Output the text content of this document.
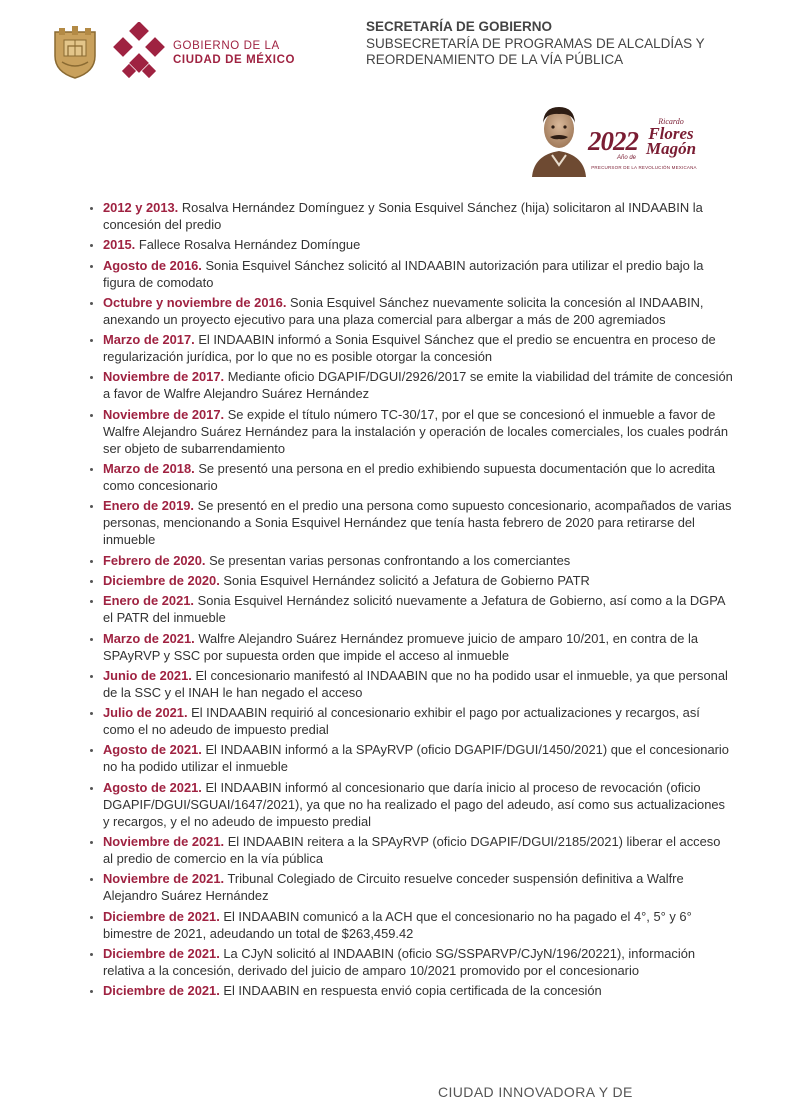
GOBIERNO DE LA
CIUDAD DE MÉXICO
SECRETARÍA DE GOBIERNO
SUBSECRETARÍA DE PROGRAMAS DE ALCALDÍAS Y REORDENAMIENTO DE LA VÍA PÚBLICA
2022
Año de
Ricardo
Flores
Magón
PRECURSOR DE LA REVOLUCIÓN MEXICANA
• 2012 y 2013. Rosalva Hernández Domínguez y Sonia Esquivel Sánchez (hija) solicitaron al INDAABIN la concesión del predio
• 2015. Fallece Rosalva Hernández Domíngue
• Agosto de 2016. Sonia Esquivel Sánchez solicitó al INDAABIN autorización para utilizar el predio bajo la figura de comodato
• Octubre y noviembre de 2016. Sonia Esquivel Sánchez nuevamente solicita la concesión al INDAABIN, anexando un proyecto ejecutivo para una plaza comercial para albergar a más de 200 agremiados
• Marzo de 2017. El INDAABIN informó a Sonia Esquivel Sánchez que el predio se encuentra en proceso de regularización jurídica, por lo que no es posible otorgar la concesión
• Noviembre de 2017. Mediante oficio DGAPIF/DGUI/2926/2017 se emite la viabilidad del trámite de concesión a favor de Walfre Alejandro Suárez Hernández
• Noviembre de 2017. Se expide el título número TC-30/17, por el que se concesionó el inmueble a favor de Walfre Alejandro Suárez Hernández para la instalación y operación de locales comerciales, los cuales podrán ser objeto de subarrendamiento
• Marzo de 2018. Se presentó una persona en el predio exhibiendo supuesta documentación que lo acredita como concesionario
• Enero de 2019. Se presentó en el predio una persona como supuesto concesionario, acompañados de varias personas, mencionando a Sonia Esquivel Hernández que tenía hasta febrero de 2020 para retirarse del inmueble
• Febrero de 2020. Se presentan varias personas confrontando a los comerciantes
• Diciembre de 2020. Sonia Esquivel Hernández solicitó a Jefatura de Gobierno PATR
• Enero de 2021. Sonia Esquivel Hernández solicitó nuevamente a Jefatura de Gobierno, así como a la DGPA el PATR del inmueble
• Marzo de 2021. Walfre Alejandro Suárez Hernández promueve juicio de amparo 10/201, en contra de la SPAyRVP y SSC por supuesta orden que impide el acceso al inmueble
• Junio de 2021. El concesionario manifestó al INDAABIN que no ha podido usar el inmueble, ya que personal de la SSC y el INAH le han negado el acceso
• Julio de 2021. El INDAABIN requirió al concesionario exhibir el pago por actualizaciones y recargos, así como el no adeudo de impuesto predial
• Agosto de 2021. El INDAABIN informó a la SPAyRVP (oficio DGAPIF/DGUI/1450/2021) que el concesionario no ha podido utilizar el inmueble
• Agosto de 2021. El INDAABIN informó al concesionario que daría inicio al proceso de revocación (oficio DGAPIF/DGUI/SGUAI/1647/2021), ya que no ha realizado el pago del adeudo, así como sus actualizaciones y recargos, y el no adeudo de impuesto predial
• Noviembre de 2021. El INDAABIN reitera a la SPAyRVP (oficio DGAPIF/DGUI/2185/2021) liberar el acceso al predio de comercio en la vía pública
• Noviembre de 2021. Tribunal Colegiado de Circuito resuelve conceder suspensión definitiva a Walfre Alejandro Suárez Hernández
• Diciembre de 2021. El INDAABIN comunicó a la ACH que el concesionario no ha pagado el 4°, 5° y 6° bimestre de 2021, adeudando un total de $263,459.42
• Diciembre de 2021. La CJyN solicitó al INDAABIN (oficio SG/SSPARVP/CJyN/196/20221), información relativa a la concesión, derivado del juicio de amparo 10/2021 promovido por el concesionario
• Diciembre de 2021. El INDAABIN en respuesta envió copia certificada de la concesión
CIUDAD INNOVADORA Y DE
